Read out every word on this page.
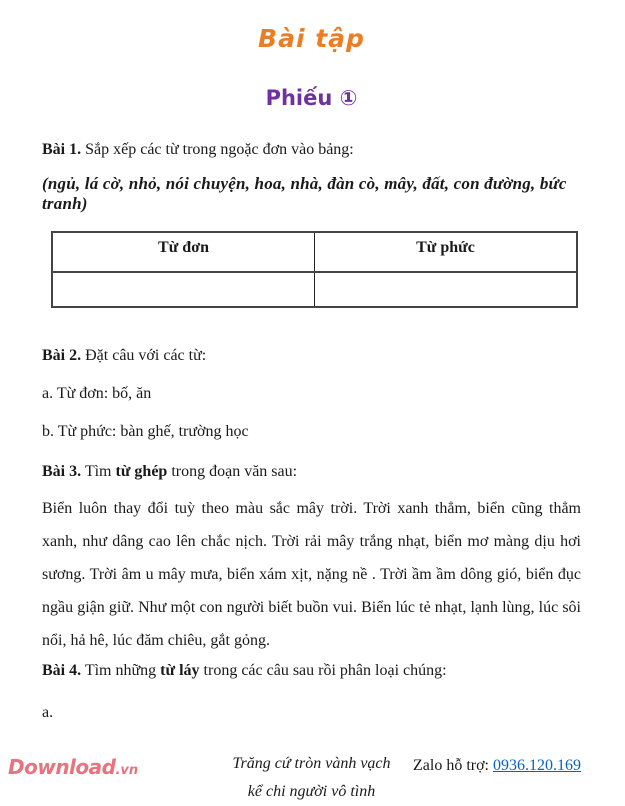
Bài tập
Phiếu ①

Bài 1. Sắp xếp các từ trong ngoặc đơn vào bảng:

(ngủ, lá cờ, nhỏ, nói chuyện, hoa, nhà, đàn cò, mây, đất, con đường, bức tranh)

Từ đơn	Từ phức

Bài 2. Đặt câu với các từ:

a. Từ đơn: bố, ăn

b. Từ phức: bàn ghế, trường học

Bài 3. Tìm từ ghép trong đoạn văn sau:

Biển luôn thay đổi tuỳ theo màu sắc mây trời. Trời xanh thẳm, biển cũng thẳm xanh, như dâng cao lên chắc nịch. Trời rải mây trắng nhạt, biển mơ màng dịu hơi sương. Trời âm u mây mưa, biển xám xịt, nặng nề . Trời ầm ầm dông gió, biển đục ngầu giận giữ. Như một con người biết buồn vui. Biển lúc tẻ nhạt, lạnh lùng, lúc sôi nổi, hả hê, lúc đăm chiêu, gắt gỏng.

Bài 4. Tìm những từ láy trong các câu sau rồi phân loại chúng:

a.

Trăng cứ tròn vành vạch
kể chi người vô tình
Download.vn	Zalo hỗ trợ: 0936.120.169
